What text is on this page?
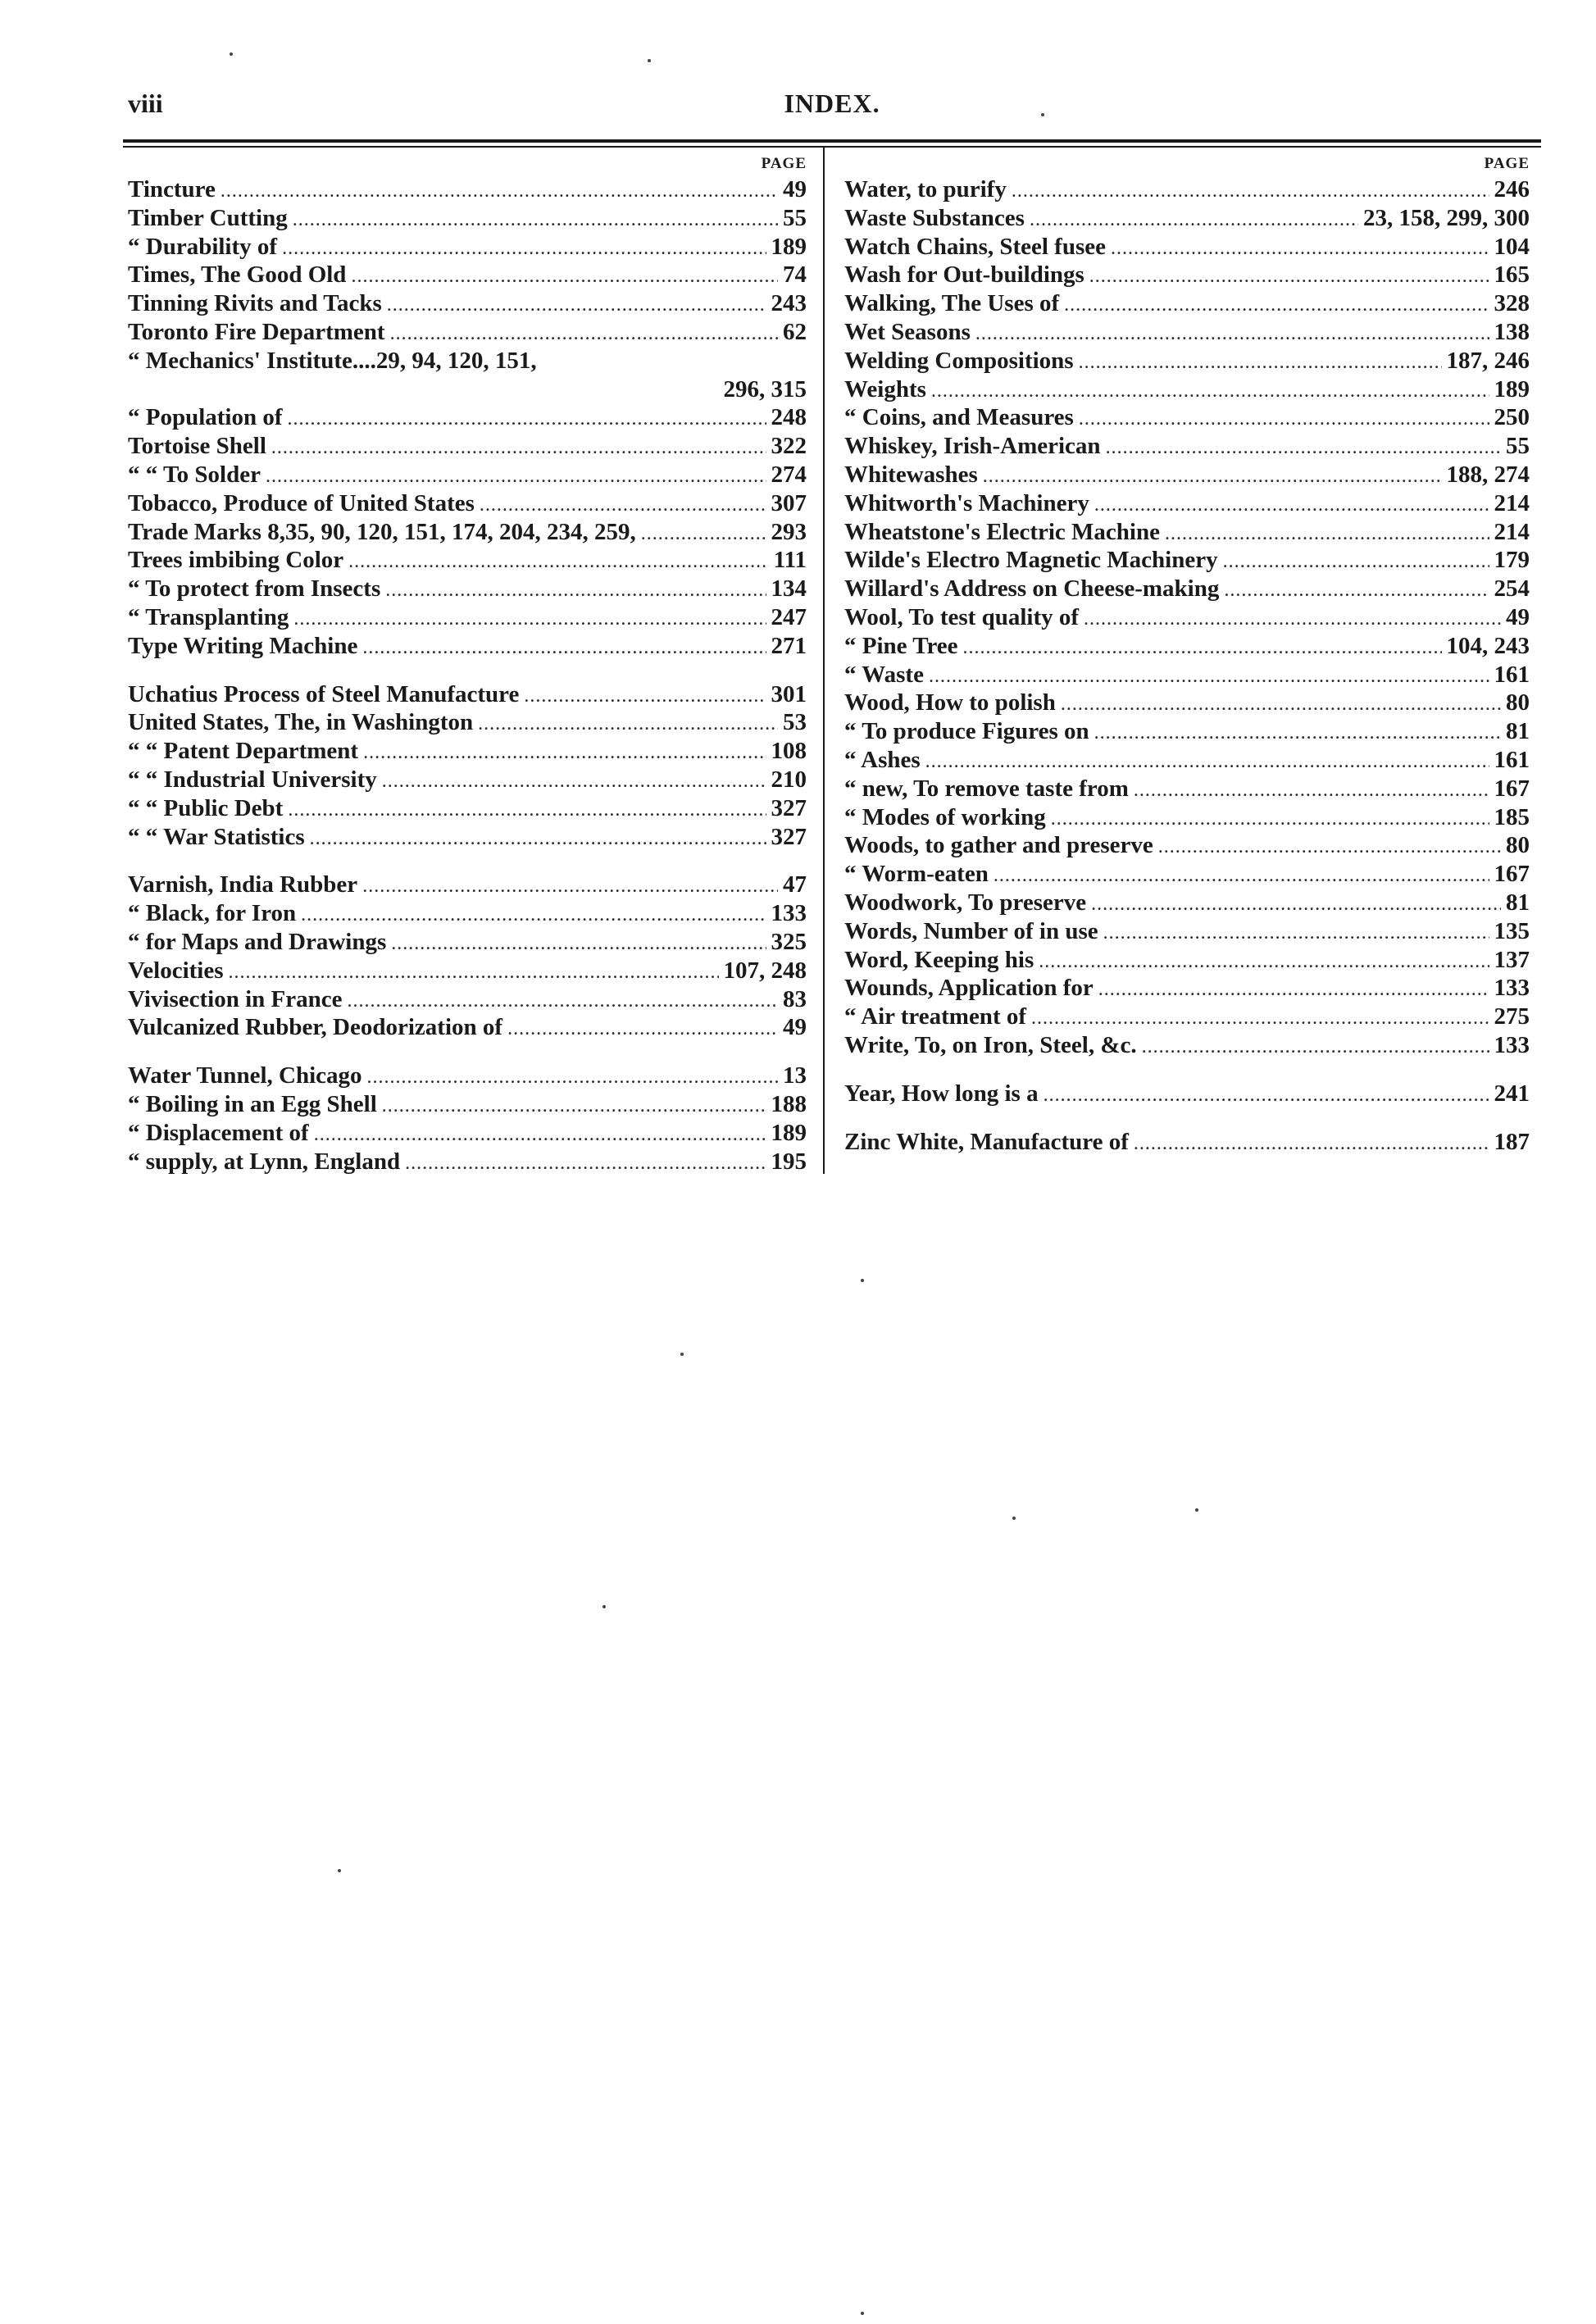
viii	INDEX.
PAGE
Tincture .....	49
Timber Cutting .....	55
“ Durability of .....	189
Times, The Good Old .....	74
Tinning Rivits and Tacks .....	243
Toronto Fire Department .....	62
“ Mechanics' Institute....29, 94, 120, 151,
296, 315
“ Population of .....	248
Tortoise Shell .....	322
“ “ To Solder .....	274
Tobacco, Produce of United States .....	307
Trade Marks 8,35, 90, 120, 151, 174, 204, 234, 259, .....	293
Trees imbibing Color .....	111
“ To protect from Insects .....	134
“ Transplanting .....	247
Type Writing Machine .....	271
Uchatius Process of Steel Manufacture .....	301
United States, The, in Washington .....	53
“ “ Patent Department .....	108
“ “ Industrial University .....	210
“ “ Public Debt .....	327
“ “ War Statistics .....	327
Varnish, India Rubber .....	47
“ Black, for Iron .....	133
“ for Maps and Drawings .....	325
Velocities .....	107, 248
Vivisection in France .....	83
Vulcanized Rubber, Deodorization of .....	49
Water Tunnel, Chicago .....	13
“ Boiling in an Egg Shell .....	188
“ Displacement of .....	189
“ supply, at Lynn, England .....	195
PAGE
Water, to purify .....	246
Waste Substances .....	23, 158, 299, 300
Watch Chains, Steel fusee .....	104
Wash for Out-buildings .....	165
Walking, The Uses of .....	328
Wet Seasons .....	138
Welding Compositions .....	187, 246
Weights .....	189
“ Coins, and Measures .....	250
Whiskey, Irish-American .....	55
Whitewashes .....	188, 274
Whitworth's Machinery .....	214
Wheatstone's Electric Machine .....	214
Wilde's Electro Magnetic Machinery .....	179
Willard's Address on Cheese-making .....	254
Wool, To test quality of .....	49
“ Pine Tree .....	104, 243
“ Waste .....	161
Wood, How to polish .....	80
“ To produce Figures on .....	81
“ Ashes .....	161
“ new, To remove taste from .....	167
“ Modes of working .....	185
Woods, to gather and preserve .....	80
“ Worm-eaten .....	167
Woodwork, To preserve .....	81
Words, Number of in use .....	135
Word, Keeping his .....	137
Wounds, Application for .....	133
“ Air treatment of .....	275
Write, To, on Iron, Steel, &c. .....	133
Year, How long is a .....	241
Zinc White, Manufacture of .....	187
